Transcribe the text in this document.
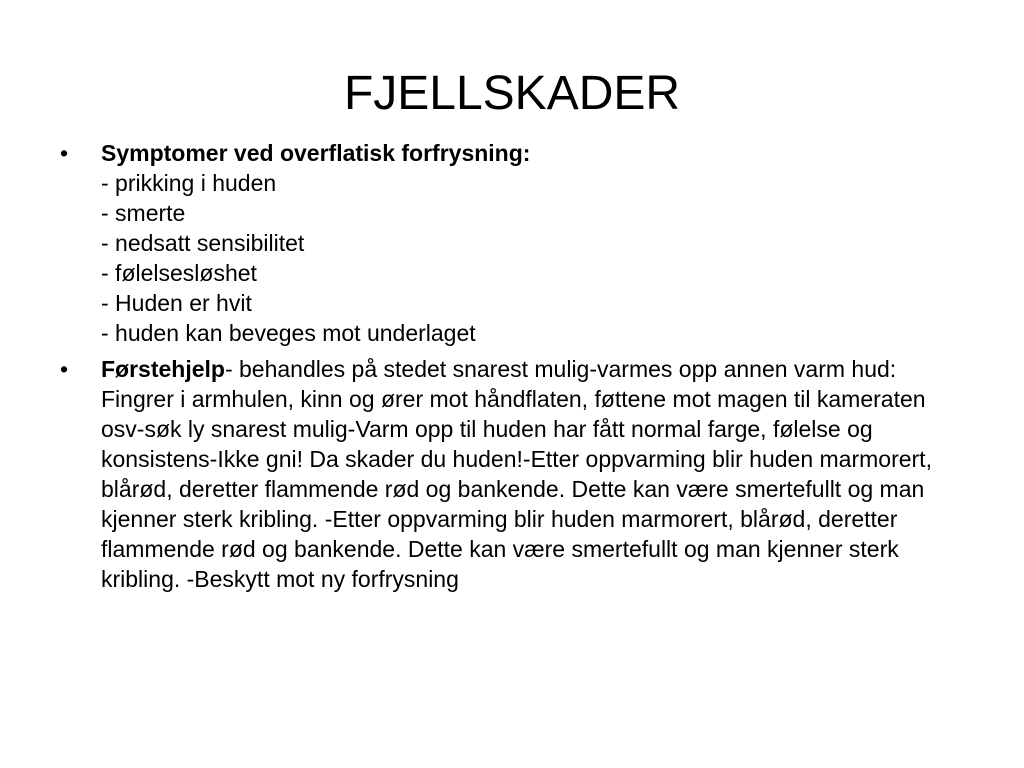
FJELLSKADER
• Symptomer ved overflatisk forfrysning:
- prikking i huden
- smerte
- nedsatt sensibilitet
- følelsesløshet
- Huden er hvit
- huden kan beveges mot underlaget
• Førstehjelp- behandles på stedet snarest mulig-varmes opp annen varm hud: Fingrer i armhulen, kinn og ører mot håndflaten, føttene mot magen til kameraten osv-søk ly snarest mulig-Varm opp til huden har fått normal farge, følelse og konsistens-Ikke gni! Da skader du huden!-Etter oppvarming blir huden marmorert, blårød, deretter flammende rød og bankende. Dette kan være smertefullt og man kjenner sterk kribling. -Etter oppvarming blir huden marmorert, blårød, deretter flammende rød og bankende. Dette kan være smertefullt og man kjenner sterk kribling. -Beskytt mot ny forfrysning
